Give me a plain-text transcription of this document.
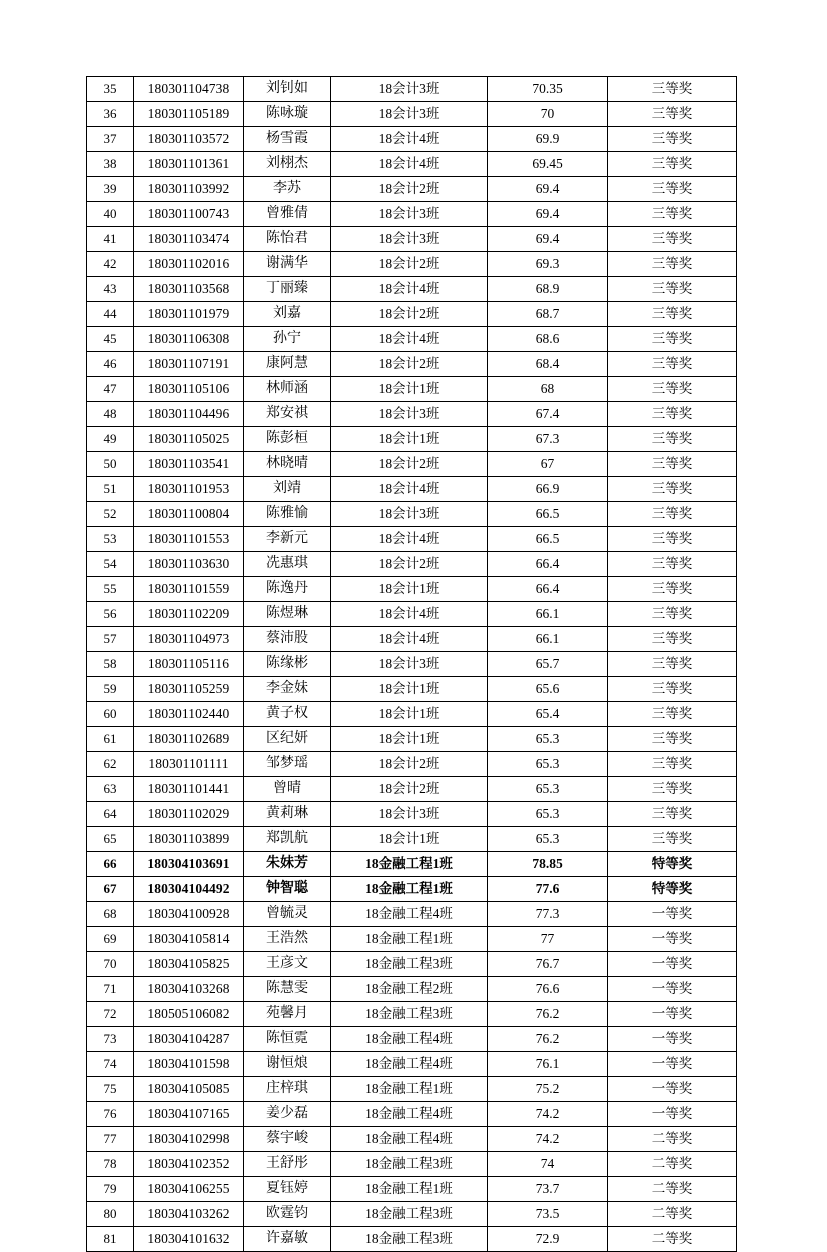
35	180301104738	刘钊如	18会计3班	70.35	三等奖
36	180301105189	陈咏璇	18会计3班	70	三等奖
37	180301103572	杨雪霞	18会计4班	69.9	三等奖
38	180301101361	刘栩杰	18会计4班	69.45	三等奖
39	180301103992	李苏	18会计2班	69.4	三等奖
40	180301100743	曾雅倩	18会计3班	69.4	三等奖
41	180301103474	陈怡君	18会计3班	69.4	三等奖
42	180301102016	谢满华	18会计2班	69.3	三等奖
43	180301103568	丁丽臻	18会计4班	68.9	三等奖
44	180301101979	刘嘉	18会计2班	68.7	三等奖
45	180301106308	孙宁	18会计4班	68.6	三等奖
46	180301107191	康阿慧	18会计2班	68.4	三等奖
47	180301105106	林师涵	18会计1班	68	三等奖
48	180301104496	郑安祺	18会计3班	67.4	三等奖
49	180301105025	陈彭桓	18会计1班	67.3	三等奖
50	180301103541	林晓晴	18会计2班	67	三等奖
51	180301101953	刘靖	18会计4班	66.9	三等奖
52	180301100804	陈雅愉	18会计3班	66.5	三等奖
53	180301101553	李新元	18会计4班	66.5	三等奖
54	180301103630	冼惠琪	18会计2班	66.4	三等奖
55	180301101559	陈逸丹	18会计1班	66.4	三等奖
56	180301102209	陈煜琳	18会计4班	66.1	三等奖
57	180301104973	蔡沛股	18会计4班	66.1	三等奖
58	180301105116	陈缘彬	18会计3班	65.7	三等奖
59	180301105259	李金妹	18会计1班	65.6	三等奖
60	180301102440	黄子权	18会计1班	65.4	三等奖
61	180301102689	区纪妍	18会计1班	65.3	三等奖
62	180301101111	邹梦瑶	18会计2班	65.3	三等奖
63	180301101441	曾晴	18会计2班	65.3	三等奖
64	180301102029	黄莉琳	18会计3班	65.3	三等奖
65	180301103899	郑凯航	18会计1班	65.3	三等奖
66	180304103691	朱妹芳	18金融工程1班	78.85	特等奖
67	180304104492	钟智聪	18金融工程1班	77.6	特等奖
68	180304100928	曾毓灵	18金融工程4班	77.3	一等奖
69	180304105814	王浩然	18金融工程1班	77	一等奖
70	180304105825	王彦文	18金融工程3班	76.7	一等奖
71	180304103268	陈慧雯	18金融工程2班	76.6	一等奖
72	180505106082	苑馨月	18金融工程3班	76.2	一等奖
73	180304104287	陈恒霓	18金融工程4班	76.2	一等奖
74	180304101598	谢恒烺	18金融工程4班	76.1	一等奖
75	180304105085	庄梓琪	18金融工程1班	75.2	一等奖
76	180304107165	姜少磊	18金融工程4班	74.2	一等奖
77	180304102998	蔡宇峻	18金融工程4班	74.2	二等奖
78	180304102352	王舒彤	18金融工程3班	74	二等奖
79	180304106255	夏钰婷	18金融工程1班	73.7	二等奖
80	180304103262	欧霆钧	18金融工程3班	73.5	二等奖
81	180304101632	许嘉敏	18金融工程3班	72.9	二等奖
